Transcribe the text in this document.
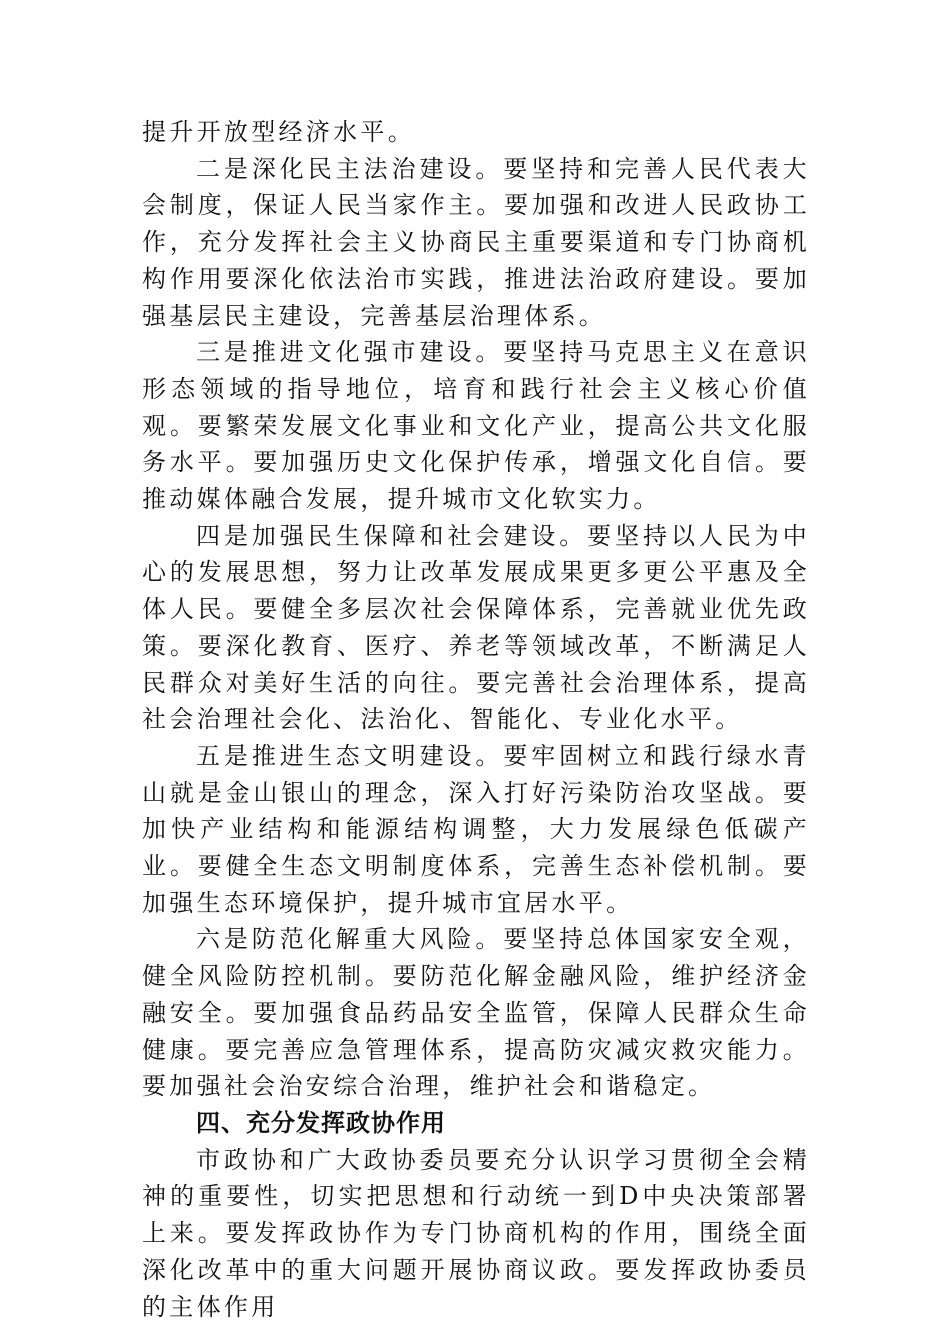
提升开放型经济水平。

二是深化民主法治建设。要坚持和完善人民代表大会制度，保证人民当家作主。要加强和改进人民政协工作，充分发挥社会主义协商民主重要渠道和专门协商机构作用要深化依法治市实践，推进法治政府建设。要加强基层民主建设，完善基层治理体系。

三是推进文化强市建设。要坚持马克思主义在意识形态领域的指导地位，培育和践行社会主义核心价值观。要繁荣发展文化事业和文化产业，提高公共文化服务水平。要加强历史文化保护传承，增强文化自信。要推动媒体融合发展，提升城市文化软实力。

四是加强民生保障和社会建设。要坚持以人民为中心的发展思想，努力让改革发展成果更多更公平惠及全体人民。要健全多层次社会保障体系，完善就业优先政策。要深化教育、医疗、养老等领域改革，不断满足人民群众对美好生活的向往。要完善社会治理体系，提高社会治理社会化、法治化、智能化、专业化水平。

五是推进生态文明建设。要牢固树立和践行绿水青山就是金山银山的理念，深入打好污染防治攻坚战。要加快产业结构和能源结构调整，大力发展绿色低碳产业。要健全生态文明制度体系，完善生态补偿机制。要加强生态环境保护，提升城市宜居水平。

六是防范化解重大风险。要坚持总体国家安全观，健全风险防控机制。要防范化解金融风险，维护经济金融安全。要加强食品药品安全监管，保障人民群众生命健康。要完善应急管理体系，提高防灾减灾救灾能力。要加强社会治安综合治理，维护社会和谐稳定。

四、充分发挥政协作用

市政协和广大政协委员要充分认识学习贯彻全会精神的重要性，切实把思想和行动统一到D中央决策部署上来。要发挥政协作为专门协商机构的作用，围绕全面深化改革中的重大问题开展协商议政。要发挥政协委员的主体作用
